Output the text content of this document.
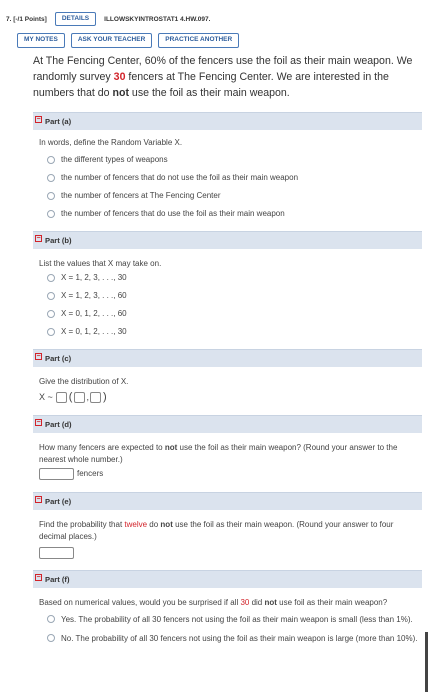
7. [-/1 Points]	DETAILS	ILLOWSKYINTROSTAT1 4.HW.097.
MY NOTES	ASK YOUR TEACHER	PRACTICE ANOTHER
At The Fencing Center, 60% of the fencers use the foil as their main weapon. We randomly survey 30 fencers at The Fencing Center. We are interested in the numbers that do not use the foil as their main weapon.
− Part (a)
In words, define the Random Variable X.
the different types of weapons
the number of fencers that do not use the foil as their main weapon
the number of fencers at The Fencing Center
the number of fencers that do use the foil as their main weapon
− Part (b)
List the values that X may take on.
X = 1, 2, 3, . . ., 30
X = 1, 2, 3, . . ., 60
X = 0, 1, 2, . . ., 60
X = 0, 1, 2, . . ., 30
− Part (c)
Give the distribution of X.
X ~ ( , )
− Part (d)
How many fencers are expected to not use the foil as their main weapon? (Round your answer to the nearest whole number.)
fencers
− Part (e)
Find the probability that twelve do not use the foil as their main weapon. (Round your answer to four decimal places.)
− Part (f)
Based on numerical values, would you be surprised if all 30 did not use foil as their main weapon?
Yes. The probability of all 30 fencers not using the foil as their main weapon is small (less than 1%).
No. The probability of all 30 fencers not using the foil as their main weapon is large (more than 10%).
